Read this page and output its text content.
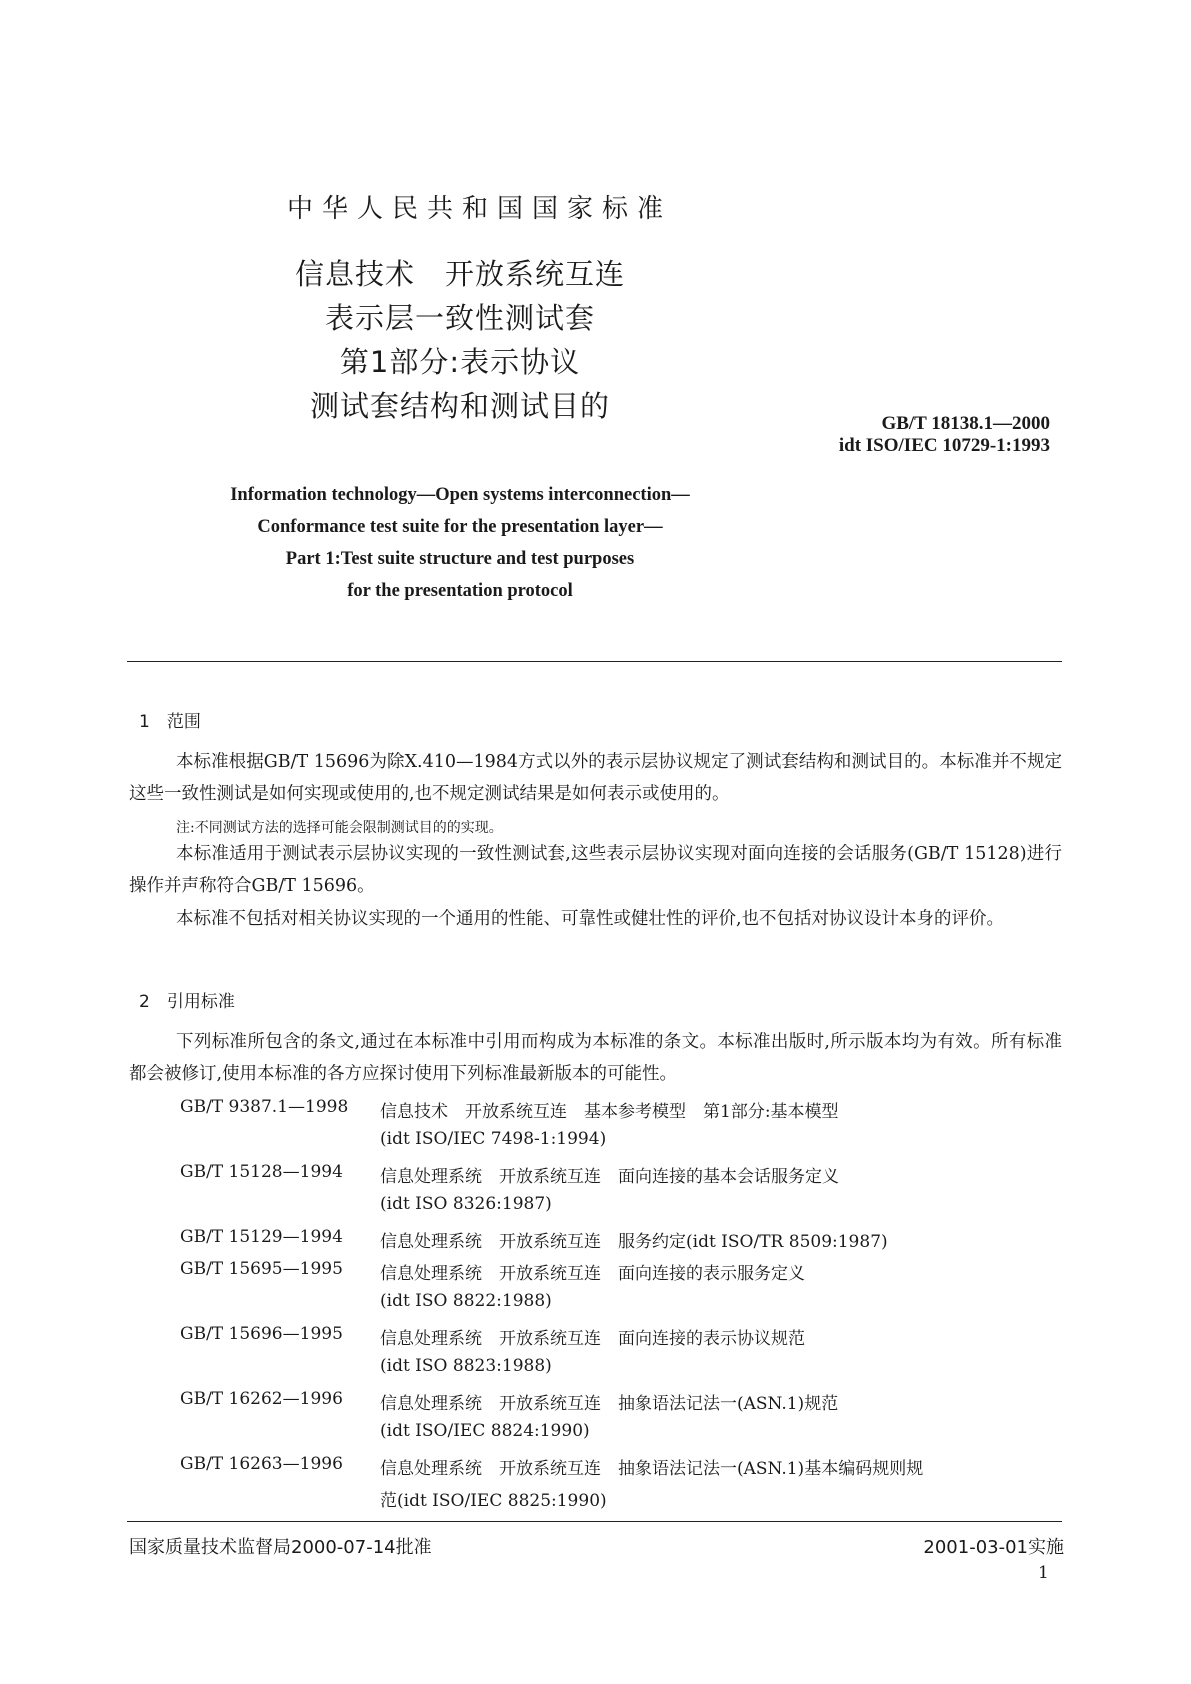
中华人民共和国国家标准
信息技术　开放系统互连
表示层一致性测试套
第1部分:表示协议
测试套结构和测试目的
GB/T 18138.1—2000
idt ISO/IEC 10729-1:1993
Information technology—Open systems interconnection—
Conformance test suite for the presentation layer—
Part 1:Test suite structure and test purposes
for the presentation protocol
1　范围
本标准根据GB/T 15696为除X.410—1984方式以外的表示层协议规定了测试套结构和测试目的。本标准并不规定这些一致性测试是如何实现或使用的,也不规定测试结果是如何表示或使用的。
注:不同测试方法的选择可能会限制测试目的的实现。
本标准适用于测试表示层协议实现的一致性测试套,这些表示层协议实现对面向连接的会话服务(GB/T 15128)进行操作并声称符合GB/T 15696。
本标准不包括对相关协议实现的一个通用的性能、可靠性或健壮性的评价,也不包括对协议设计本身的评价。
2　引用标准
下列标准所包含的条文,通过在本标准中引用而构成为本标准的条文。本标准出版时,所示版本均为有效。所有标准都会被修订,使用本标准的各方应探讨使用下列标准最新版本的可能性。
GB/T 9387.1—1998 信息技术　开放系统互连　基本参考模型　第1部分:基本模型
(idt ISO/IEC 7498-1:1994)
GB/T 15128—1994 信息处理系统　开放系统互连　面向连接的基本会话服务定义
(idt ISO 8326:1987)
GB/T 15129—1994 信息处理系统　开放系统互连　服务约定(idt ISO/TR 8509:1987)
GB/T 15695—1995 信息处理系统　开放系统互连　面向连接的表示服务定义
(idt ISO 8822:1988)
GB/T 15696—1995 信息处理系统　开放系统互连　面向连接的表示协议规范
(idt ISO 8823:1988)
GB/T 16262—1996 信息处理系统　开放系统互连　抽象语法记法一(ASN.1)规范
(idt ISO/IEC 8824:1990)
GB/T 16263—1996 信息处理系统　开放系统互连　抽象语法记法一(ASN.1)基本编码规则规
范(idt ISO/IEC 8825:1990)
国家质量技术监督局2000-07-14批准	2001-03-01实施
1
